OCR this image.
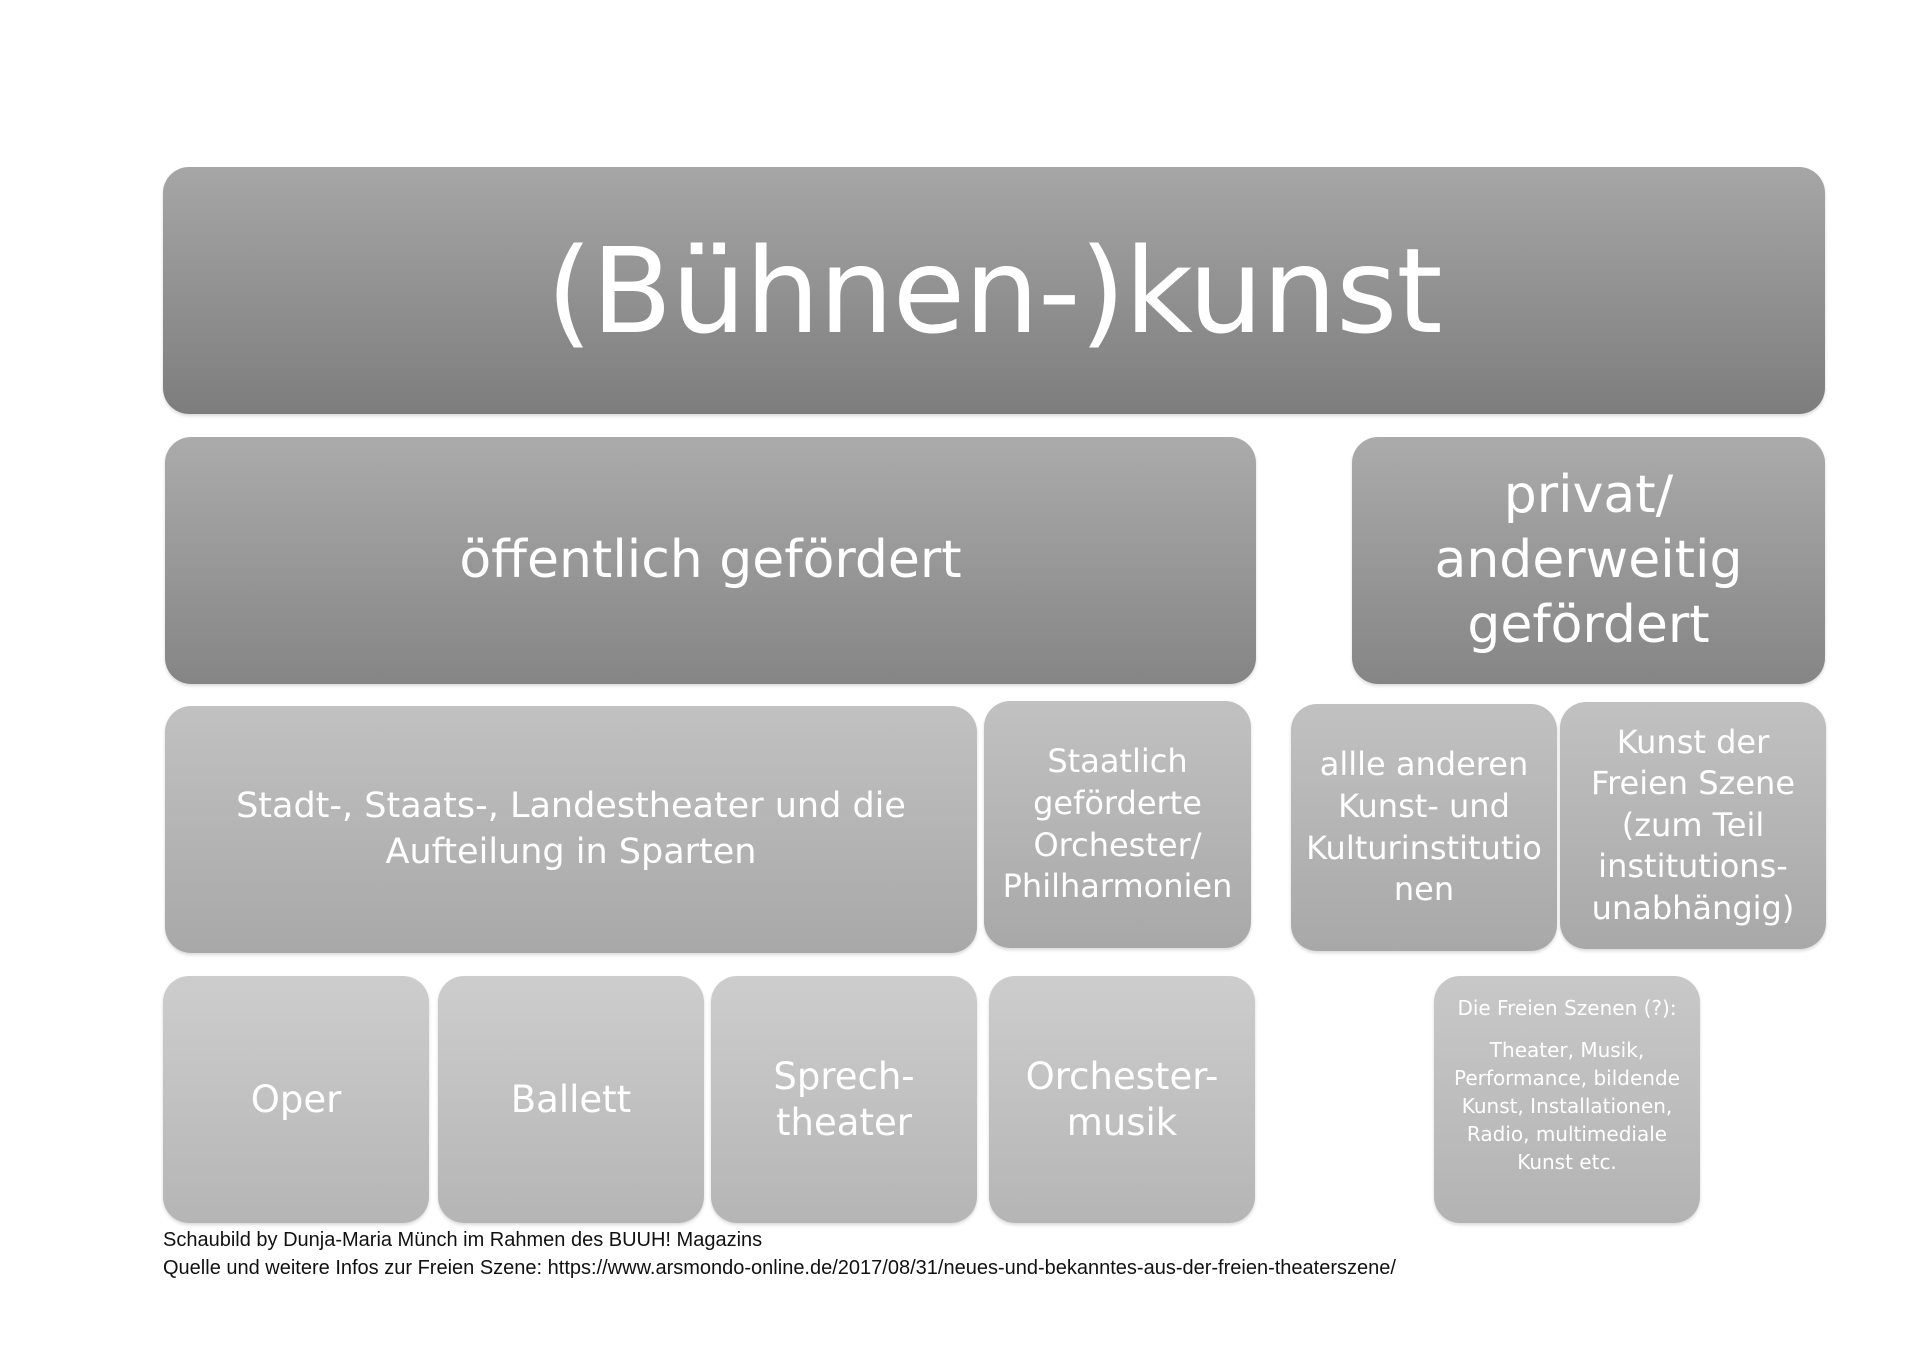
(Bühnen-)kunst
öffentlich gefördert
privat/
anderweitig
gefördert
Stadt-, Staats-, Landestheater und die
Aufteilung in Sparten
Staatlich
geförderte
Orchester/
Philharmonien
allle anderen
Kunst- und
Kulturinstitutio
nen
Kunst der
Freien Szene
(zum Teil
institutions-
unabhängig)
Oper	Ballett
Sprech-
theater
Orchester-
musik
Die Freien Szenen (?):
Theater, Musik,
Performance, bildende
Kunst, Installationen,
Radio, multimediale
Kunst etc.
Schaubild by Dunja-Maria Münch im Rahmen des BUUH! Magazins
Quelle und weitere Infos zur Freien Szene: https://www.arsmondo-online.de/2017/08/31/neues-und-bekanntes-aus-der-freien-theaterszene/
